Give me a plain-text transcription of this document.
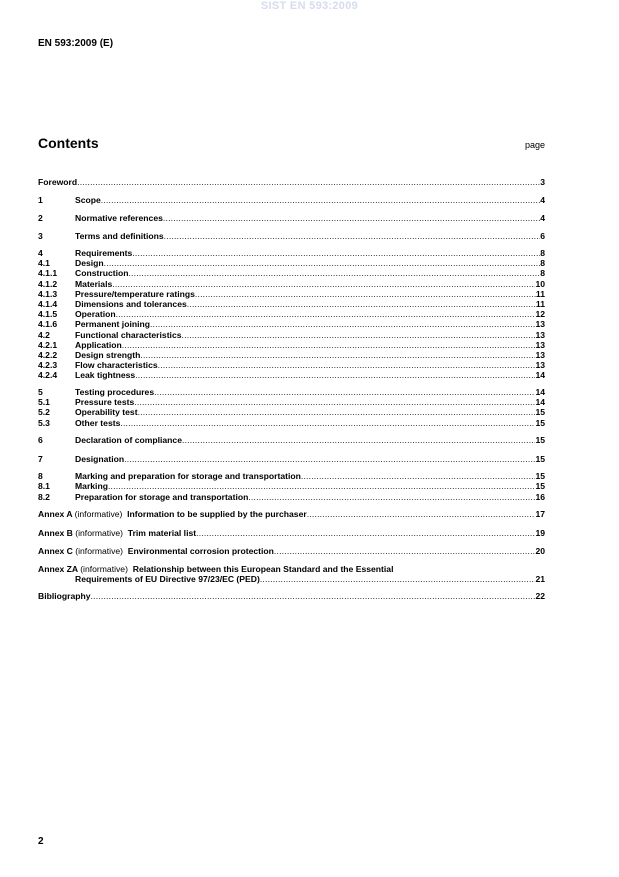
SIST EN 593:2009
EN 593:2009 (E)
Contents	page
Foreword .....	3
1	Scope .....	4
2	Normative references .....	4
3	Terms and definitions .....	6
4	Requirements .....	8
4.1	Design .....	8
4.1.1	Construction .....	8
4.1.2	Materials .....	10
4.1.3	Pressure/temperature ratings .....	11
4.1.4	Dimensions and tolerances .....	11
4.1.5	Operation .....	12
4.1.6	Permanent joining .....	13
4.2	Functional characteristics .....	13
4.2.1	Application .....	13
4.2.2	Design strength .....	13
4.2.3	Flow characteristics .....	13
4.2.4	Leak tightness .....	14
5	Testing procedures .....	14
5.1	Pressure tests .....	14
5.2	Operability test .....	15
5.3	Other tests .....	15
6	Declaration of compliance .....	15
7	Designation .....	15
8	Marking and preparation for storage and transportation .....	15
8.1	Marking .....	15
8.2	Preparation for storage and transportation .....	16
Annex A (informative) Information to be supplied by the purchaser .....	17
Annex B (informative) Trim material list .....	19
Annex C (informative) Environmental corrosion protection .....	20
Annex ZA (informative) Relationship between this European Standard and the Essential
Requirements of EU Directive 97/23/EC (PED) .....	21
Bibliography .....	22
2
